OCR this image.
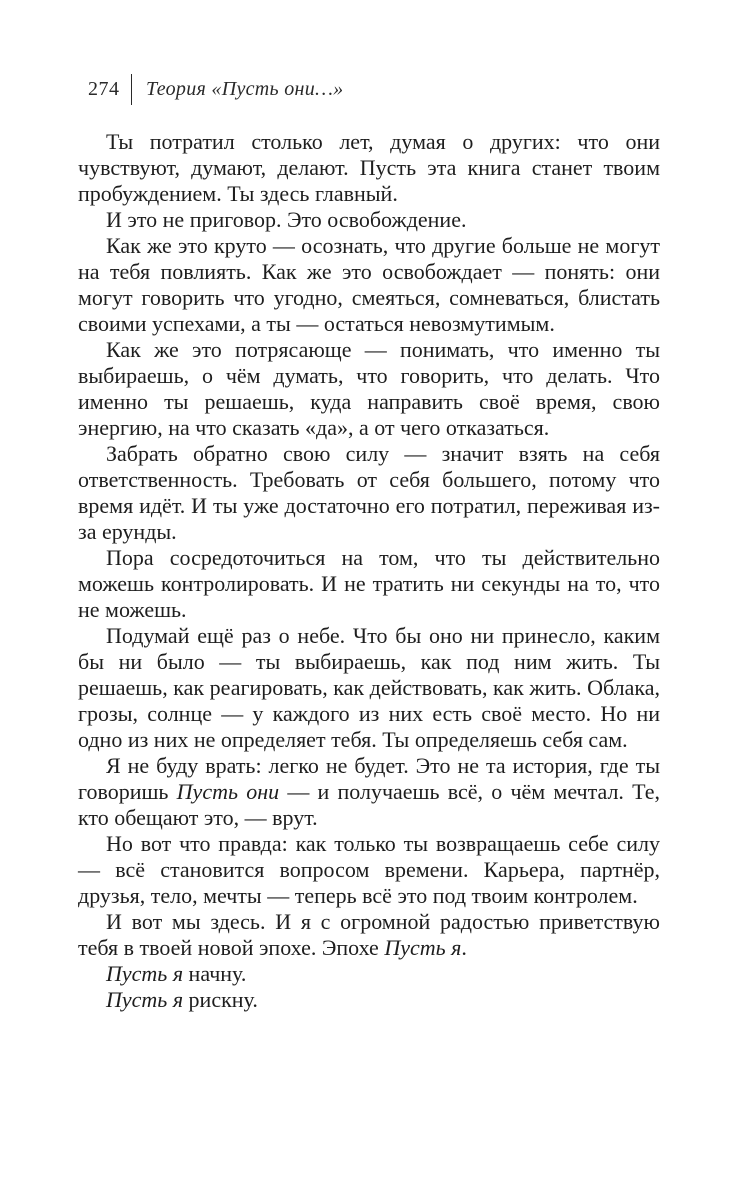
274 Теория «Пусть они…»

Ты потратил столько лет, думая о других: что они чувствуют, думают, делают. Пусть эта книга станет твоим пробуждением. Ты здесь главный.

И это не приговор. Это освобождение.

Как же это круто — осознать, что другие больше не могут на тебя повлиять. Как же это освобождает — понять: они могут говорить что угодно, смеяться, сомневаться, блистать своими успехами, а ты — остаться невозмутимым.

Как же это потрясающе — понимать, что именно ты выбираешь, о чём думать, что говорить, что делать. Что именно ты решаешь, куда направить своё время, свою энергию, на что сказать «да», а от чего отказаться.

Забрать обратно свою силу — значит взять на себя ответственность. Требовать от себя большего, потому что время идёт. И ты уже достаточно его потратил, переживая из-за ерунды.

Пора сосредоточиться на том, что ты действительно можешь контролировать. И не тратить ни секунды на то, что не можешь.

Подумай ещё раз о небе. Что бы оно ни принесло, каким бы ни было — ты выбираешь, как под ним жить. Ты решаешь, как реагировать, как действовать, как жить. Облака, грозы, солнце — у каждого из них есть своё место. Но ни одно из них не определяет тебя. Ты определяешь себя сам.

Я не буду врать: легко не будет. Это не та история, где ты говоришь Пусть они — и получаешь всё, о чём мечтал. Те, кто обещают это, — врут.

Но вот что правда: как только ты возвращаешь себе силу — всё становится вопросом времени. Карьера, партнёр, друзья, тело, мечты — теперь всё это под твоим контролем.

И вот мы здесь. И я с огромной радостью приветствую тебя в твоей новой эпохе. Эпохе Пусть я.

Пусть я начну.

Пусть я рискну.
